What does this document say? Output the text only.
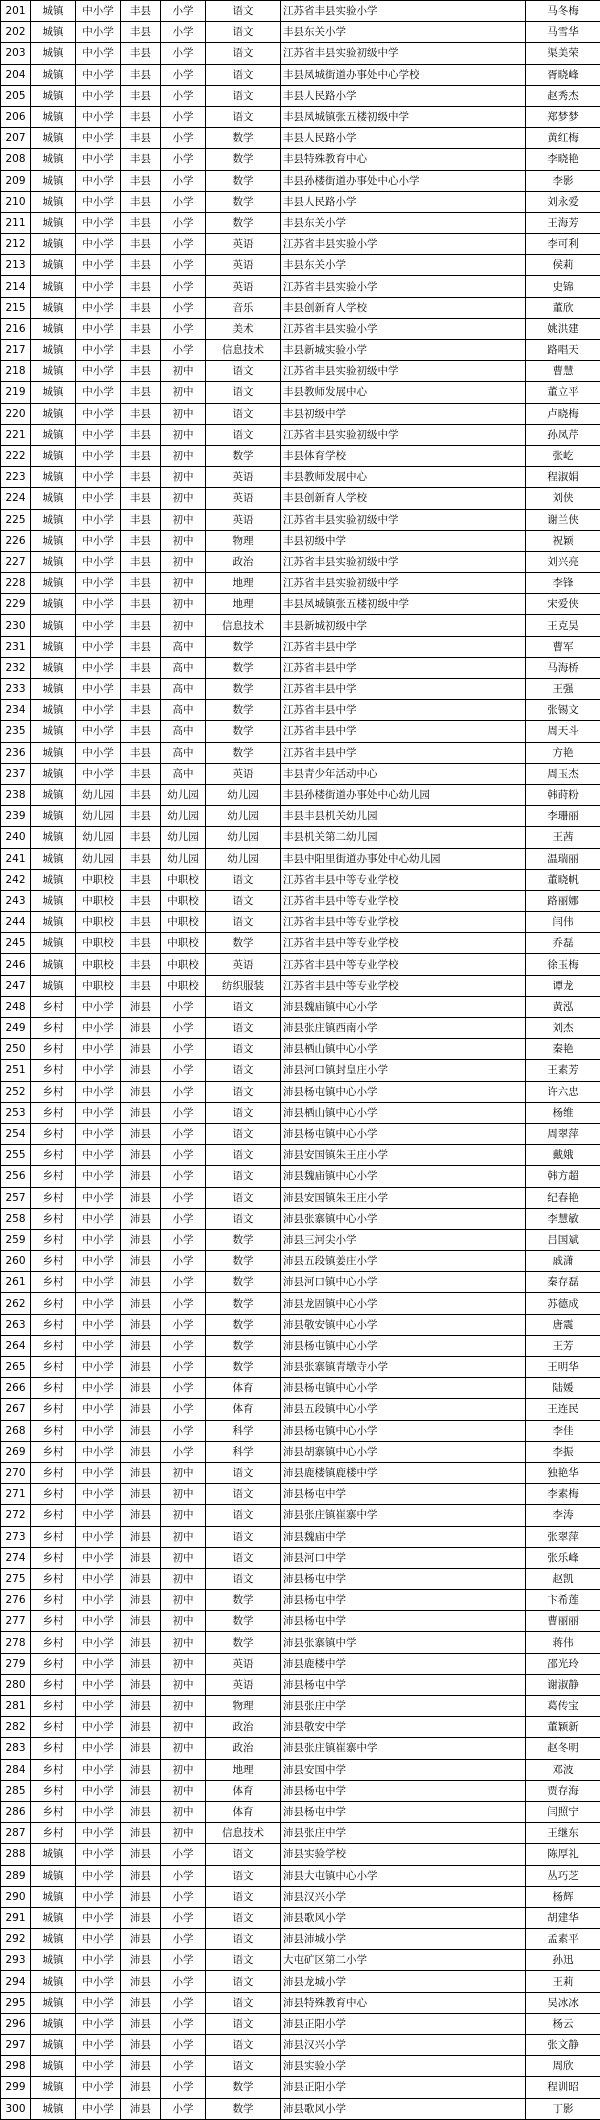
201	城镇	中小学	丰县	小学	语文	江苏省丰县实验小学	马冬梅
202	城镇	中小学	丰县	小学	语文	丰县东关小学	马雪华
203	城镇	中小学	丰县	小学	语文	江苏省丰县实验初级中学	渠美荣
204	城镇	中小学	丰县	小学	语文	丰县凤城街道办事处中心学校	胥晓峰
205	城镇	中小学	丰县	小学	语文	丰县人民路小学	赵秀杰
206	城镇	中小学	丰县	小学	语文	丰县凤城镇张五楼初级中学	郑梦梦
207	城镇	中小学	丰县	小学	数学	丰县人民路小学	黄红梅
208	城镇	中小学	丰县	小学	数学	丰县特殊教育中心	李晓艳
209	城镇	中小学	丰县	小学	数学	丰县孙楼街道办事处中心小学	李影
210	城镇	中小学	丰县	小学	数学	丰县人民路小学	刘永爱
211	城镇	中小学	丰县	小学	数学	丰县东关小学	王海芳
212	城镇	中小学	丰县	小学	英语	江苏省丰县实验小学	李可利
213	城镇	中小学	丰县	小学	英语	丰县东关小学	侯莉
214	城镇	中小学	丰县	小学	英语	江苏省丰县实验小学	史锦
215	城镇	中小学	丰县	小学	音乐	丰县创新育人学校	董欣
216	城镇	中小学	丰县	小学	美术	江苏省丰县实验小学	姚洪建
217	城镇	中小学	丰县	小学	信息技术	丰县新城实验小学	路唱天
218	城镇	中小学	丰县	初中	语文	江苏省丰县实验初级中学	曹慧
219	城镇	中小学	丰县	初中	语文	丰县教师发展中心	董立平
220	城镇	中小学	丰县	初中	语文	丰县初级中学	卢晓梅
221	城镇	中小学	丰县	初中	语文	江苏省丰县实验初级中学	孙凤芹
222	城镇	中小学	丰县	初中	数学	丰县体育学校	张屹
223	城镇	中小学	丰县	初中	英语	丰县教师发展中心	程淑娟
224	城镇	中小学	丰县	初中	英语	丰县创新育人学校	刘侠
225	城镇	中小学	丰县	初中	英语	江苏省丰县实验初级中学	谢兰侠
226	城镇	中小学	丰县	初中	物理	丰县初级中学	祝颖
227	城镇	中小学	丰县	初中	政治	江苏省丰县实验初级中学	刘兴亮
228	城镇	中小学	丰县	初中	地理	江苏省丰县实验初级中学	李锋
229	城镇	中小学	丰县	初中	地理	丰县凤城镇张五楼初级中学	宋爱侠
230	城镇	中小学	丰县	初中	信息技术	丰县新城初级中学	王克昊
231	城镇	中小学	丰县	高中	数学	江苏省丰县中学	曹军
232	城镇	中小学	丰县	高中	数学	江苏省丰县中学	马海桥
233	城镇	中小学	丰县	高中	数学	江苏省丰县中学	王强
234	城镇	中小学	丰县	高中	数学	江苏省丰县中学	张锡文
235	城镇	中小学	丰县	高中	数学	江苏省丰县中学	周天斗
236	城镇	中小学	丰县	高中	数学	江苏省丰县中学	方艳
237	城镇	中小学	丰县	高中	英语	丰县青少年活动中心	周玉杰
238	城镇	幼儿园	丰县	幼儿园	幼儿园	丰县孙楼街道办事处中心幼儿园	韩莳粉
239	城镇	幼儿园	丰县	幼儿园	幼儿园	丰县丰县机关幼儿园	李珊丽
240	城镇	幼儿园	丰县	幼儿园	幼儿园	丰县机关第二幼儿园	王茜
241	城镇	幼儿园	丰县	幼儿园	幼儿园	丰县中阳里街道办事处中心幼儿园	温瑞丽
242	城镇	中职校	丰县	中职校	语文	江苏省丰县中等专业学校	董晓帆
243	城镇	中职校	丰县	中职校	语文	江苏省丰县中等专业学校	路丽娜
244	城镇	中职校	丰县	中职校	语文	江苏省丰县中等专业学校	闫伟
245	城镇	中职校	丰县	中职校	数学	江苏省丰县中等专业学校	乔磊
246	城镇	中职校	丰县	中职校	英语	江苏省丰县中等专业学校	徐玉梅
247	城镇	中职校	丰县	中职校	纺织服装	江苏省丰县中等专业学校	谭龙
248	乡村	中小学	沛县	小学	语文	沛县魏庙镇中心小学	黄泓
249	乡村	中小学	沛县	小学	语文	沛县张庄镇西南小学	刘杰
250	乡村	中小学	沛县	小学	语文	沛县栖山镇中心小学	秦艳
251	乡村	中小学	沛县	小学	语文	沛县河口镇封皇庄小学	王素芳
252	乡村	中小学	沛县	小学	语文	沛县杨屯镇中心小学	许六忠
253	乡村	中小学	沛县	小学	语文	沛县栖山镇中心小学	杨维
254	乡村	中小学	沛县	小学	语文	沛县杨屯镇中心小学	周翠萍
255	乡村	中小学	沛县	小学	语文	沛县安国镇朱王庄小学	戴娥
256	乡村	中小学	沛县	小学	语文	沛县魏庙镇中心小学	韩方超
257	乡村	中小学	沛县	小学	语文	沛县安国镇朱王庄小学	纪春艳
258	乡村	中小学	沛县	小学	语文	沛县张寨镇中心小学	李慧敏
259	乡村	中小学	沛县	小学	数学	沛县三河尖小学	吕国斌
260	乡村	中小学	沛县	小学	数学	沛县五段镇姜庄小学	戚潇
261	乡村	中小学	沛县	小学	数学	沛县河口镇中心小学	秦存磊
262	乡村	中小学	沛县	小学	数学	沛县龙固镇中心小学	苏德成
263	乡村	中小学	沛县	小学	数学	沛县敬安镇中心小学	唐震
264	乡村	中小学	沛县	小学	数学	沛县杨屯镇中心小学	王芳
265	乡村	中小学	沛县	小学	数学	沛县张寨镇青墩寺小学	王明华
266	乡村	中小学	沛县	小学	体育	沛县杨屯镇中心小学	陆媛
267	乡村	中小学	沛县	小学	体育	沛县五段镇中心小学	王连民
268	乡村	中小学	沛县	小学	科学	沛县杨屯镇中心小学	李佳
269	乡村	中小学	沛县	小学	科学	沛县胡寨镇中心小学	李振
270	乡村	中小学	沛县	初中	语文	沛县鹿楼镇鹿楼中学	独艳华
271	乡村	中小学	沛县	初中	语文	沛县杨屯中学	李素梅
272	乡村	中小学	沛县	初中	语文	沛县张庄镇崔寨中学	李涛
273	乡村	中小学	沛县	初中	语文	沛县魏庙中学	张翠萍
274	乡村	中小学	沛县	初中	语文	沛县河口中学	张乐峰
275	乡村	中小学	沛县	初中	语文	沛县杨屯中学	赵凯
276	乡村	中小学	沛县	初中	数学	沛县杨屯中学	卞希莲
277	乡村	中小学	沛县	初中	数学	沛县杨屯中学	曹丽丽
278	乡村	中小学	沛县	初中	数学	沛县张寨镇中学	蒋伟
279	乡村	中小学	沛县	初中	英语	沛县鹿楼中学	邵光玲
280	乡村	中小学	沛县	初中	英语	沛县杨屯中学	谢淑静
281	乡村	中小学	沛县	初中	物理	沛县张庄中学	葛传宝
282	乡村	中小学	沛县	初中	政治	沛县敬安中学	董颖新
283	乡村	中小学	沛县	初中	政治	沛县张庄镇崔寨中学	赵冬明
284	乡村	中小学	沛县	初中	地理	沛县安国中学	邓波
285	乡村	中小学	沛县	初中	体育	沛县杨屯中学	贾存海
286	乡村	中小学	沛县	初中	体育	沛县杨屯中学	闫照宁
287	乡村	中小学	沛县	初中	信息技术	沛县张庄中学	王继东
288	城镇	中小学	沛县	小学	语文	沛县实验学校	陈厚礼
289	城镇	中小学	沛县	小学	语文	沛县大屯镇中心小学	丛巧芝
290	城镇	中小学	沛县	小学	语文	沛县汉兴小学	杨辉
291	城镇	中小学	沛县	小学	语文	沛县歌风小学	胡建华
292	城镇	中小学	沛县	小学	语文	沛县沛城小学	孟素平
293	城镇	中小学	沛县	小学	语文	大屯矿区第二小学	孙迅
294	城镇	中小学	沛县	小学	语文	沛县龙城小学	王莉
295	城镇	中小学	沛县	小学	语文	沛县特殊教育中心	吴冰冰
296	城镇	中小学	沛县	小学	语文	沛县正阳小学	杨云
297	城镇	中小学	沛县	小学	语文	沛县汉兴小学	张文静
298	城镇	中小学	沛县	小学	语文	沛县实验小学	周欣
299	城镇	中小学	沛县	小学	数学	沛县正阳小学	程训昭
300	城镇	中小学	沛县	小学	数学	沛县歌风小学	丁影
